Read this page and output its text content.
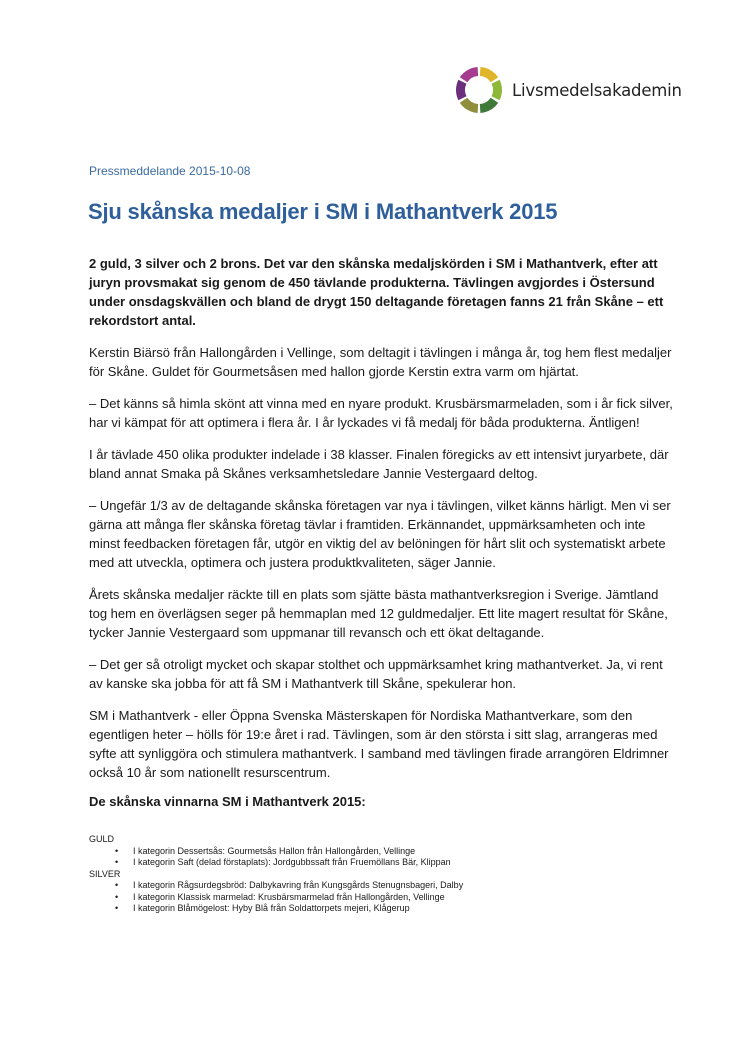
Livsmedelsakademin
Pressmeddelande 2015-10-08
Sju skånska medaljer i SM i Mathantverk 2015

2 guld, 3 silver och 2 brons. Det var den skånska medaljskörden i SM i Mathantverk, efter att juryn provsmakat sig genom de 450 tävlande produkterna. Tävlingen avgjordes i Östersund under onsdagskvällen och bland de drygt 150 deltagande företagen fanns 21 från Skåne – ett rekordstort antal.

Kerstin Biärsö från Hallongården i Vellinge, som deltagit i tävlingen i många år, tog hem flest medaljer för Skåne. Guldet för Gourmetsåsen med hallon gjorde Kerstin extra varm om hjärtat.

– Det känns så himla skönt att vinna med en nyare produkt. Krusbärsmarmeladen, som i år fick silver, har vi kämpat för att optimera i flera år. I år lyckades vi få medalj för båda produkterna. Äntligen!

I år tävlade 450 olika produkter indelade i 38 klasser. Finalen föregicks av ett intensivt juryarbete, där bland annat Smaka på Skånes verksamhetsledare Jannie Vestergaard deltog.

– Ungefär 1/3 av de deltagande skånska företagen var nya i tävlingen, vilket känns härligt. Men vi ser gärna att många fler skånska företag tävlar i framtiden. Erkännandet, uppmärksamheten och inte minst feedbacken företagen får, utgör en viktig del av belöningen för hårt slit och systematiskt arbete med att utveckla, optimera och justera produktkvaliteten, säger Jannie.

Årets skånska medaljer räckte till en plats som sjätte bästa mathantverksregion i Sverige. Jämtland tog hem en överlägsen seger på hemmaplan med 12 guldmedaljer. Ett lite magert resultat för Skåne, tycker Jannie Vestergaard som uppmanar till revansch och ett ökat deltagande.

– Det ger så otroligt mycket och skapar stolthet och uppmärksamhet kring mathantverket. Ja, vi rent av kanske ska jobba för att få SM i Mathantverk till Skåne, spekulerar hon.

SM i Mathantverk - eller Öppna Svenska Mästerskapen för Nordiska Mathantverkare, som den egentligen heter – hölls för 19:e året i rad. Tävlingen, som är den största i sitt slag, arrangeras med syfte att synliggöra och stimulera mathantverk. I samband med tävlingen firade arrangören Eldrimner också 10 år som nationellt resurscentrum.

De skånska vinnarna SM i Mathantverk 2015:
GULD
• I kategorin Dessertsås: Gourmetsås Hallon från Hallongården, Vellinge
• I kategorin Saft (delad förstaplats): Jordgubbssaft från Fruemöllans Bär, Klippan
SILVER
• I kategorin Rågsurdegsbröd: Dalbykavring från Kungsgårds Stenugnsbageri, Dalby
• I kategorin Klassisk marmelad: Krusbärsmarmelad från Hallongården, Vellinge
• I kategorin Blåmögelost: Hyby Blå från Soldattorpets mejeri, Klågerup
